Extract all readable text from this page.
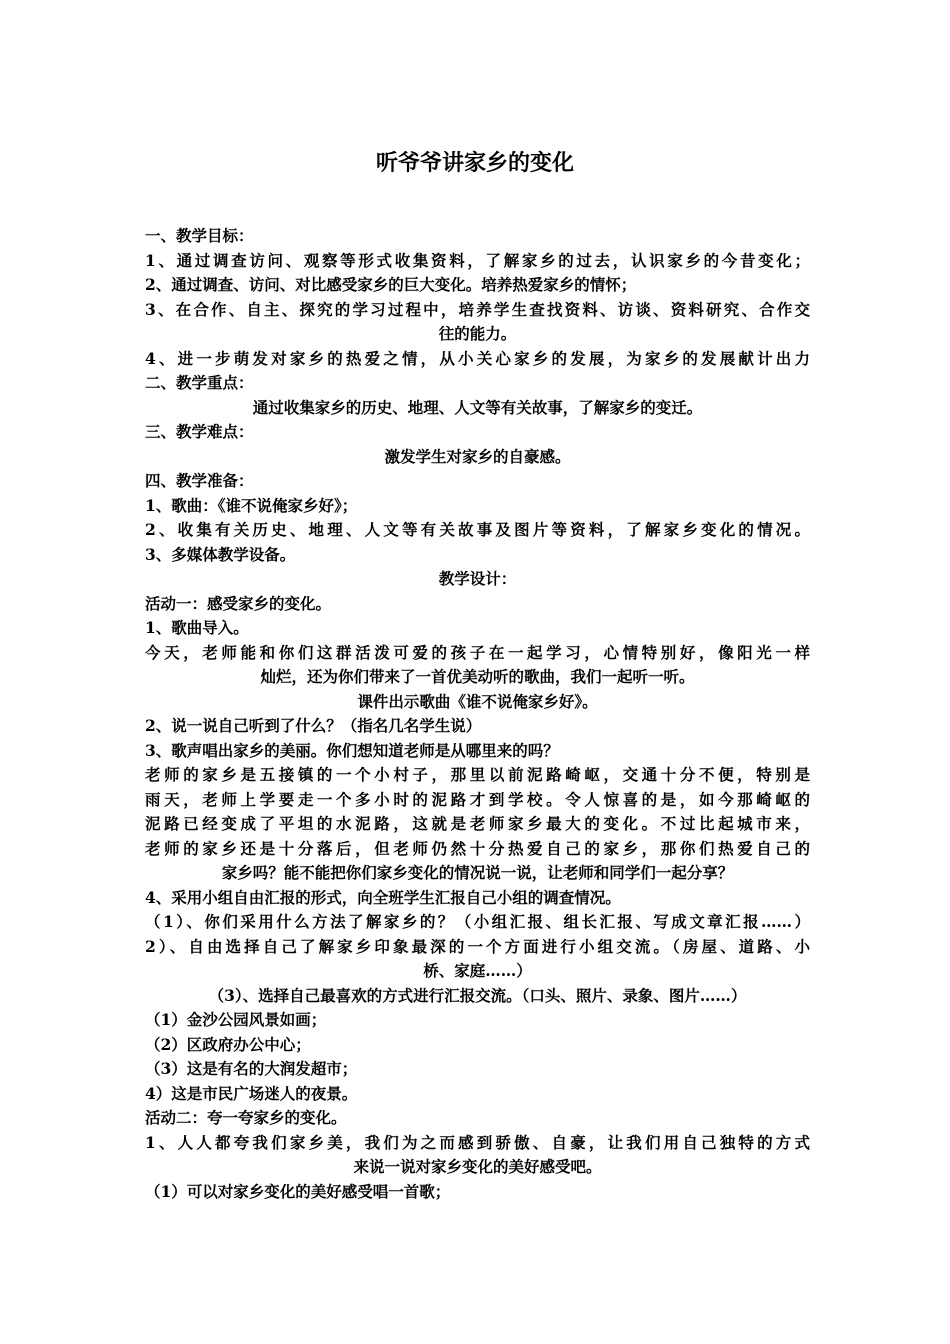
听爷爷讲家乡的变化
一、教学目标：
1、通过调查访问、观察等形式收集资料，了解家乡的过去，认识家乡的今昔变化；
2、通过调查、访问、对比感受家乡的巨大变化。培养热爱家乡的情怀；
3、在合作、自主、探究的学习过程中，培养学生查找资料、访谈、资料研究、合作交
往的能力。
4、进一步萌发对家乡的热爱之情，从小关心家乡的发展，为家乡的发展献计出力
二、教学重点：
通过收集家乡的历史、地理、人文等有关故事，了解家乡的变迁。
三、教学难点：
激发学生对家乡的自豪感。
四、教学准备：
1、歌曲：《谁不说俺家乡好》；
2、收集有关历史、地理、人文等有关故事及图片等资料，了解家乡变化的情况。
3、多媒体教学设备。
教学设计：
活动一：感受家乡的变化。
1、歌曲导入。
今天，老师能和你们这群活泼可爱的孩子在一起学习，心情特别好，像阳光一样
灿烂，还为你们带来了一首优美动听的歌曲，我们一起听一听。
课件出示歌曲《谁不说俺家乡好》。
2、说一说自己听到了什么？（指名几名学生说）
3、歌声唱出家乡的美丽。你们想知道老师是从哪里来的吗？
老师的家乡是五接镇的一个小村子，那里以前泥路崎岖，交通十分不便，特别是
雨天，老师上学要走一个多小时的泥路才到学校。令人惊喜的是，如今那崎岖的
泥路已经变成了平坦的水泥路，这就是老师家乡最大的变化。不过比起城市来，
老师的家乡还是十分落后，但老师仍然十分热爱自己的家乡，那你们热爱自己的
家乡吗？能不能把你们家乡变化的情况说一说，让老师和同学们一起分享？
4、采用小组自由汇报的形式，向全班学生汇报自己小组的调查情况。
（1）、你们采用什么方法了解家乡的？（小组汇报、组长汇报、写成文章汇报……）
2）、自由选择自己了解家乡印象最深的一个方面进行小组交流。（房屋、道路、小
桥、家庭……）
（3）、选择自己最喜欢的方式进行汇报交流。（口头、照片、录象、图片……）
（1）金沙公园风景如画；
（2）区政府办公中心；
（3）这是有名的大润发超市；
4）这是市民广场迷人的夜景。
活动二：夸一夸家乡的变化。
1、人人都夸我们家乡美，我们为之而感到骄傲、自豪，让我们用自己独特的方式
来说一说对家乡变化的美好感受吧。
（1）可以对家乡变化的美好感受唱一首歌；
